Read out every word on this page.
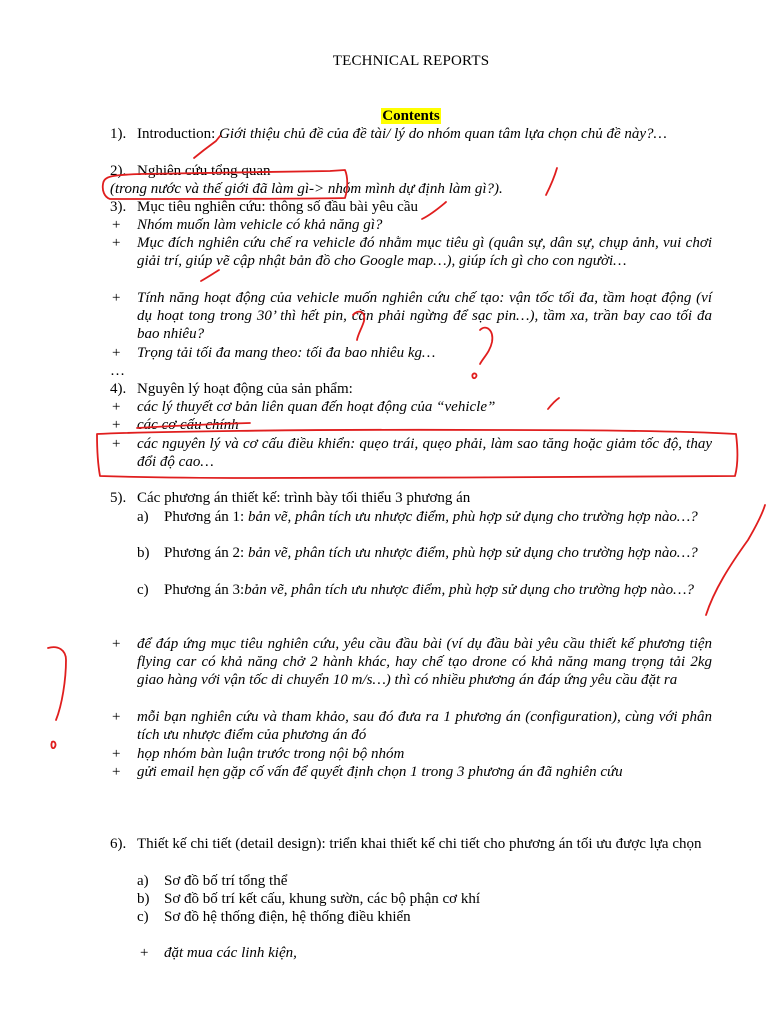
TECHNICAL REPORTS
Contents
1). Introduction: Giới thiệu chủ đề của đề tài/ lý do nhóm quan tâm lựa chọn chủ đề này?…
2). Nghiên cứu tổng quan
(trong nước và thế giới đã làm gì-> nhóm mình dự định làm gì?).
3). Mục tiêu nghiên cứu: thông số đầu bài yêu cầu
+ Nhóm muốn làm vehicle có khả năng gì?
+ Mục đích nghiên cứu chế ra vehicle đó nhằm mục tiêu gì (quân sự, dân sự, chụp ảnh, vui chơi giải trí, giúp vẽ cập nhật bản đồ cho Google map…), giúp ích gì cho con người…
+ Tính năng hoạt động của vehicle muốn nghiên cứu chế tạo: vận tốc tối đa, tầm hoạt động (ví dụ hoạt tong trong 30’ thì hết pin, cần phải ngừng để sạc pin…), tầm xa, trần bay cao tối đa bao nhiêu?
+ Trọng tải tối đa mang theo: tối đa bao nhiêu kg…
…
4). Nguyên lý hoạt động của sản phẩm:
+ các lý thuyết cơ bản liên quan đến hoạt động của “vehicle”
+ các cơ cấu chính
+ các nguyên lý và cơ cấu điều khiển: quẹo trái, quẹo phải, làm sao tăng hoặc giảm tốc độ, thay đổi độ cao…
5). Các phương án thiết kế: trình bày tối thiểu 3 phương án
a) Phương án 1: bản vẽ, phân tích ưu nhược điểm, phù hợp sử dụng cho trường hợp nào…?
b) Phương án 2: bản vẽ, phân tích ưu nhược điểm, phù hợp sử dụng cho trường hợp nào…?
c) Phương án 3:bản vẽ, phân tích ưu nhược điểm, phù hợp sử dụng cho trường hợp nào…?
+ để đáp ứng mục tiêu nghiên cứu, yêu cầu đầu bài (ví dụ đầu bài yêu cầu thiết kế phương tiện flying car có khả năng chở 2 hành khác, hay chế tạo drone có khả năng mang trọng tải 2kg giao hàng với vận tốc di chuyển 10 m/s…) thì có nhiều phương án đáp ứng yêu cầu đặt ra
+ mỗi bạn nghiên cứu và tham khảo, sau đó đưa ra 1 phương án (configuration), cùng với phân tích ưu nhược điểm của phương án đó
+ họp nhóm bàn luận trước trong nội bộ nhóm
+ gửi email hẹn gặp cố vấn để quyết định chọn 1 trong 3 phương án đã nghiên cứu
6). Thiết kế chi tiết (detail design): triển khai thiết kế chi tiết cho phương án tối ưu được lựa chọn
a) Sơ đồ bố trí tổng thể
b) Sơ đồ bố trí kết cấu, khung sườn, các bộ phận cơ khí
c) Sơ đồ hệ thống điện, hệ thống điều khiển
+ đặt mua các linh kiện,
